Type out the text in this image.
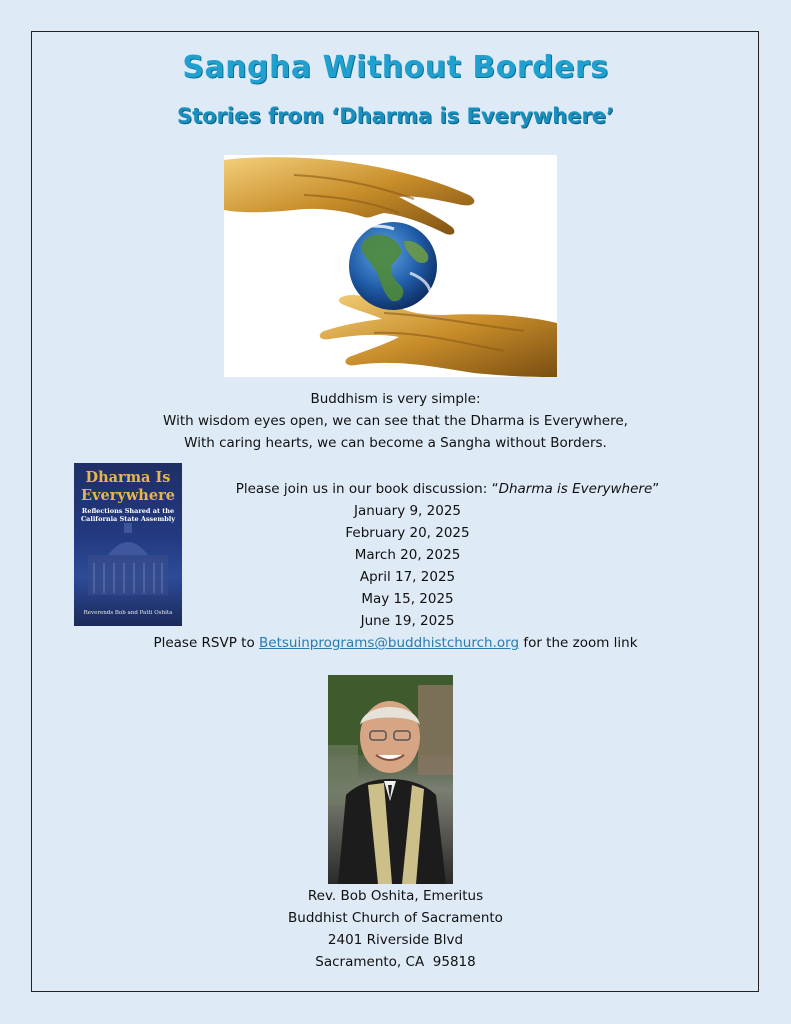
Sangha Without Borders
Stories from ‘Dharma is Everywhere’
Buddhism is very simple:
With wisdom eyes open, we can see that the Dharma is Everywhere,
With caring hearts, we can become a Sangha without Borders.
Dharma Is
Everywhere
Reflections Shared at the
California State Assembly
Reverends Bob and Patti Oshita
Please join us in our book discussion: “Dharma is Everywhere”
January 9, 2025
February 20, 2025
March 20, 2025
April 17, 2025
May 15, 2025
June 19, 2025
Please RSVP to Betsuinprograms@buddhistchurch.org for the zoom link
Rev. Bob Oshita, Emeritus
Buddhist Church of Sacramento
2401 Riverside Blvd
Sacramento, CA  95818
